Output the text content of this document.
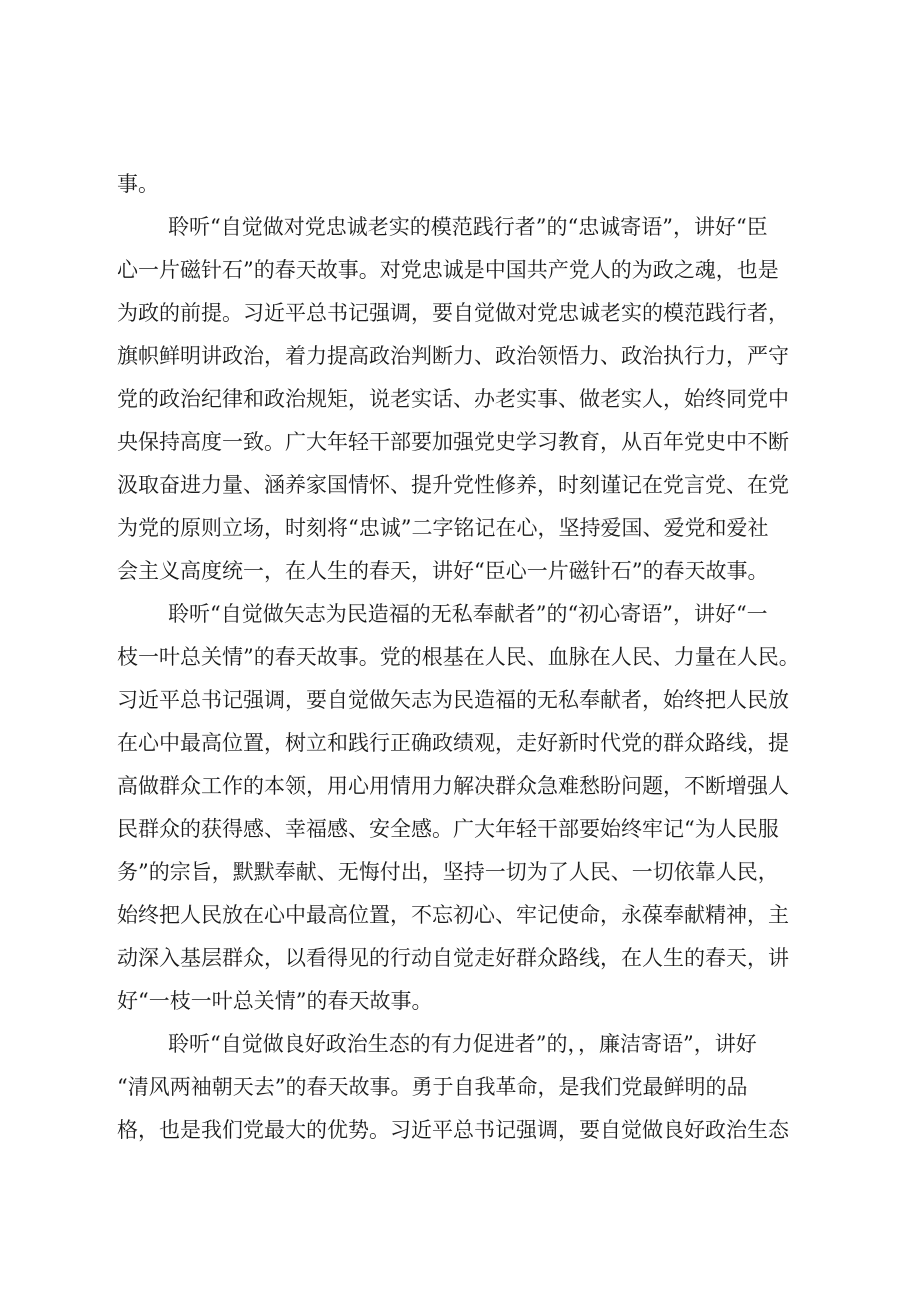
事。
聆听“自觉做对党忠诚老实的模范践行者”的“忠诚寄语”，讲好“臣
心一片磁针石”的春天故事。对党忠诚是中国共产党人的为政之魂，也是
为政的前提。习近平总书记强调，要自觉做对党忠诚老实的模范践行者，
旗帜鲜明讲政治，着力提高政治判断力、政治领悟力、政治执行力，严守
党的政治纪律和政治规矩，说老实话、办老实事、做老实人，始终同党中
央保持高度一致。广大年轻干部要加强党史学习教育，从百年党史中不断
汲取奋进力量、涵养家国情怀、提升党性修养，时刻谨记在党言党、在党
为党的原则立场，时刻将“忠诚”二字铭记在心，坚持爱国、爱党和爱社
会主义高度统一，在人生的春天，讲好“臣心一片磁针石”的春天故事。
聆听“自觉做矢志为民造福的无私奉献者”的“初心寄语”，讲好“一
枝一叶总关情”的春天故事。党的根基在人民、血脉在人民、力量在人民。
习近平总书记强调，要自觉做矢志为民造福的无私奉献者，始终把人民放
在心中最高位置，树立和践行正确政绩观，走好新时代党的群众路线，提
高做群众工作的本领，用心用情用力解决群众急难愁盼问题，不断增强人
民群众的获得感、幸福感、安全感。广大年轻干部要始终牢记“为人民服
务”的宗旨，默默奉献、无悔付出，坚持一切为了人民、一切依靠人民，
始终把人民放在心中最高位置，不忘初心、牢记使命，永葆奉献精神，主
动深入基层群众，以看得见的行动自觉走好群众路线，在人生的春天，讲
好“一枝一叶总关情”的春天故事。
聆听“自觉做良好政治生态的有力促进者”的，，廉洁寄语”，讲好
“清风两袖朝天去”的春天故事。勇于自我革命，是我们党最鲜明的品
格，也是我们党最大的优势。习近平总书记强调，要自觉做良好政治生态
